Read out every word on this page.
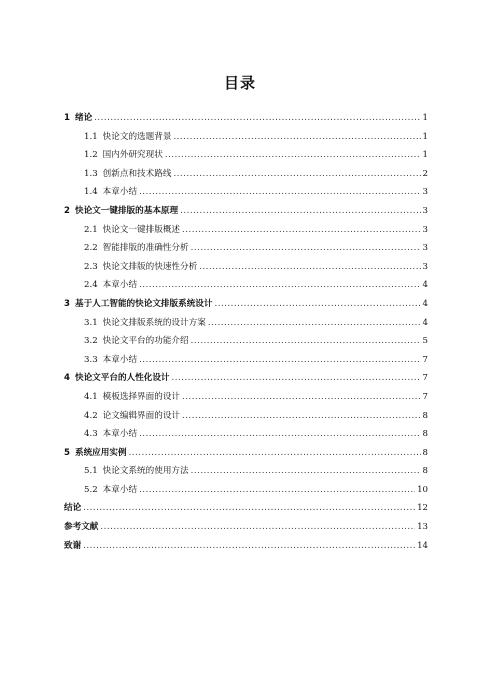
目录
1 绪论 .....	1
1.1 快论文的选题背景 .....	1
1.2 国内外研究现状 .....	1
1.3 创新点和技术路线 .....	2
1.4 本章小结 .....	3
2 快论文一键排版的基本原理 .....	3
2.1 快论文一键排版概述 .....	3
2.2 智能排版的准确性分析 .....	3
2.3 快论文排版的快速性分析 .....	3
2.4 本章小结 .....	4
3 基于人工智能的快论文排版系统设计 .....	4
3.1 快论文排版系统的设计方案 .....	4
3.2 快论文平台的功能介绍 .....	5
3.3 本章小结 .....	7
4 快论文平台的人性化设计 .....	7
4.1 模板选择界面的设计 .....	7
4.2 论文编辑界面的设计 .....	8
4.3 本章小结 .....	8
5 系统应用实例 .....	8
5.1 快论文系统的使用方法 .....	8
5.2 本章小结 .....	10
结论 .....	12
参考文献 .....	13
致谢 .....	14
